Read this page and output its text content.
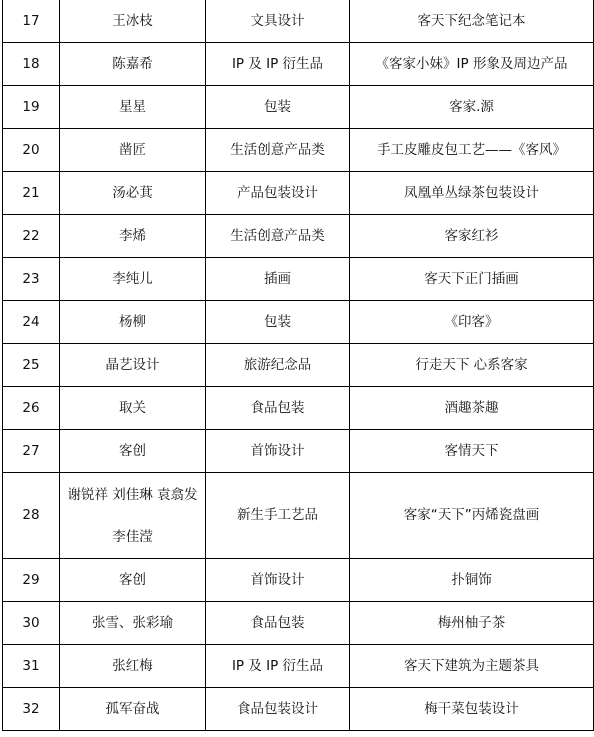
17	王冰枝	文具设计	客天下纪念笔记本
18	陈嘉希	IP 及 IP 衍生品	《客家小妹》IP 形象及周边产品
19	星星	包装	客家.源
20	凿匠	生活创意产品类	手工皮雕皮包工艺——《客风》
21	汤必萁	产品包装设计	凤凰单丛绿茶包装设计
22	李烯	生活创意产品类	客家红衫
23	李纯儿	插画	客天下正门插画
24	杨柳	包装	《印客》
25	晶艺设计	旅游纪念品	行走天下 心系客家
26	取关	食品包装	酒趣茶趣
27	客创	首饰设计	客情天下
28	谢锐祥 刘佳琳 袁翕发 李佳滢	新生手工艺品	客家“天下”丙烯瓷盘画
29	客创	首饰设计	扑铜饰
30	张雪、张彩瑜	食品包装	梅州柚子茶
31	张红梅	IP 及 IP 衍生品	客天下建筑为主题茶具
32	孤军奋战	食品包装设计	梅干菜包装设计
